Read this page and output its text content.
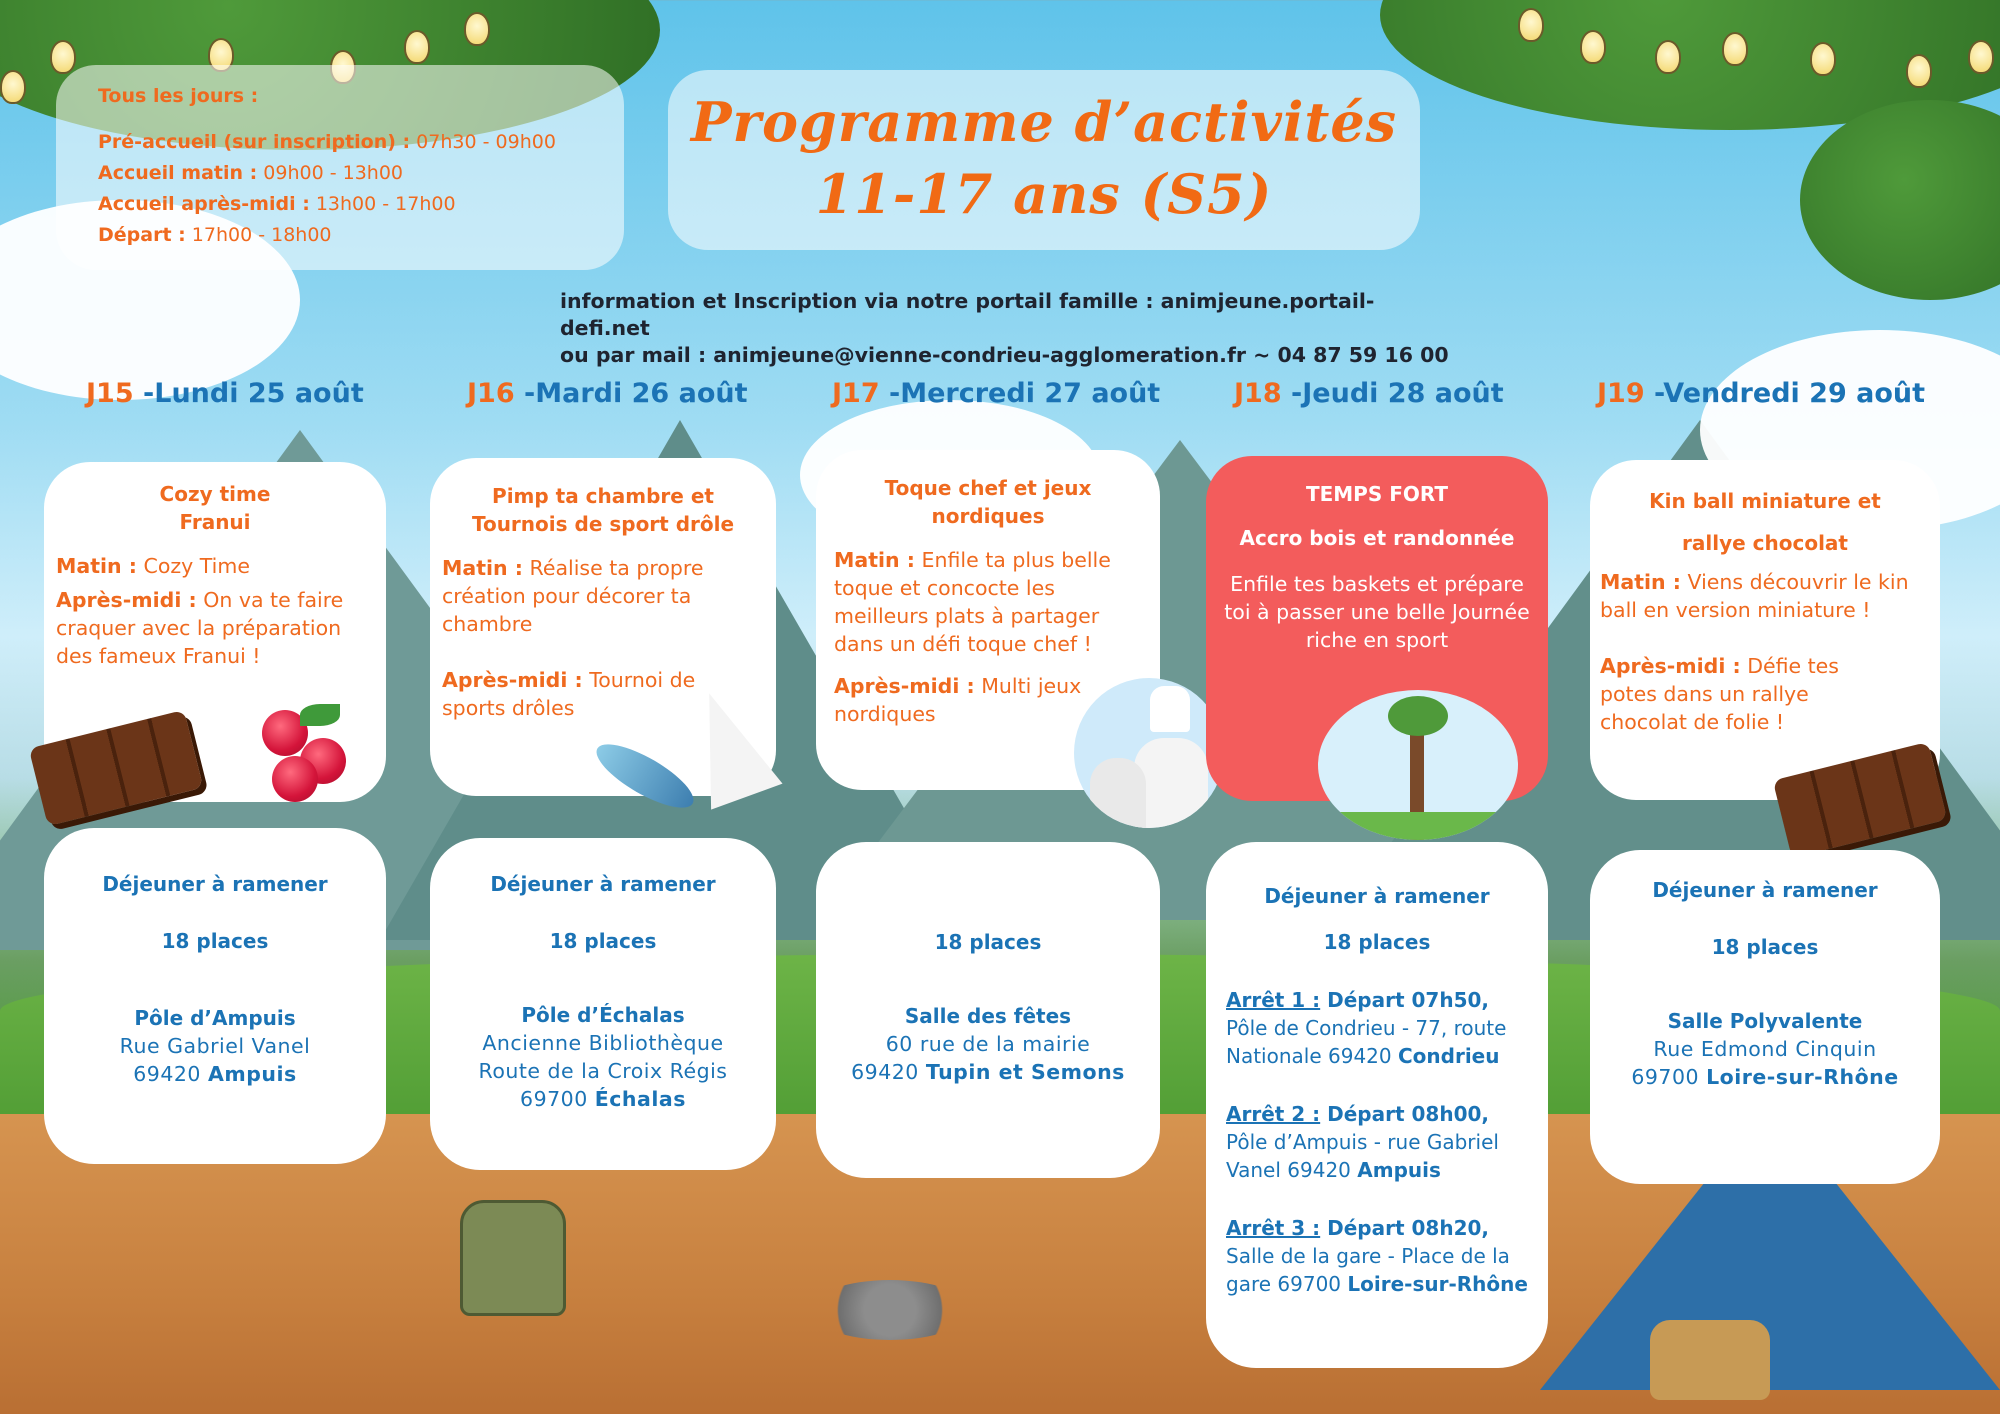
Tous les jours :
Pré-accueil (sur inscription) : 07h30 - 09h00
Accueil matin : 09h00 - 13h00
Accueil après-midi : 13h00 - 17h00
Départ : 17h00 - 18h00
Programme d’activités
11-17 ans (S5)
information et Inscription via notre portail famille : animjeune.portail-defi.net
ou par mail : animjeune@vienne-condrieu-agglomeration.fr ~ 04 87 59 16 00
J15 -Lundi 25 août	J16 -Mardi 26 août	J17 -Mercredi 27 août	J18 -Jeudi 28 août	J19 -Vendredi 29 août
Cozy time
Franui
Matin : Cozy Time
Après-midi : On va te faire craquer avec la préparation des fameux Franui !
Pimp ta chambre et
Tournois de sport drôle
Matin : Réalise ta propre création pour décorer ta chambre
Après-midi : Tournoi de sports drôles
Toque chef et jeux
nordiques
Matin : Enfile ta plus belle toque et concocte les meilleurs plats à partager dans un défi toque chef !
Après-midi : Multi jeux nordiques
TEMPS FORT
Accro bois et randonnée
Enfile tes baskets et prépare toi à passer une belle Journée riche en sport
Kin ball miniature et
rallye chocolat
Matin : Viens découvrir le kin ball en version miniature !
Après-midi : Défie tes potes dans un rallye chocolat de folie !
Déjeuner à ramener
18 places
Pôle d’Ampuis
Rue Gabriel Vanel
69420 Ampuis
Déjeuner à ramener
18 places
Pôle d’Échalas
Ancienne Bibliothèque
Route de la Croix Régis
69700 Échalas
18 places
Salle des fêtes
60 rue de la mairie
69420 Tupin et Semons
Déjeuner à ramener
18 places
Arrêt 1 : Départ 07h50, Pôle de Condrieu - 77, route Nationale 69420 Condrieu
Arrêt 2 : Départ 08h00, Pôle d’Ampuis - rue Gabriel Vanel 69420 Ampuis
Arrêt 3 : Départ 08h20, Salle de la gare - Place de la gare 69700 Loire-sur-Rhône
Déjeuner à ramener
18 places
Salle Polyvalente
Rue Edmond Cinquin
69700 Loire-sur-Rhône
